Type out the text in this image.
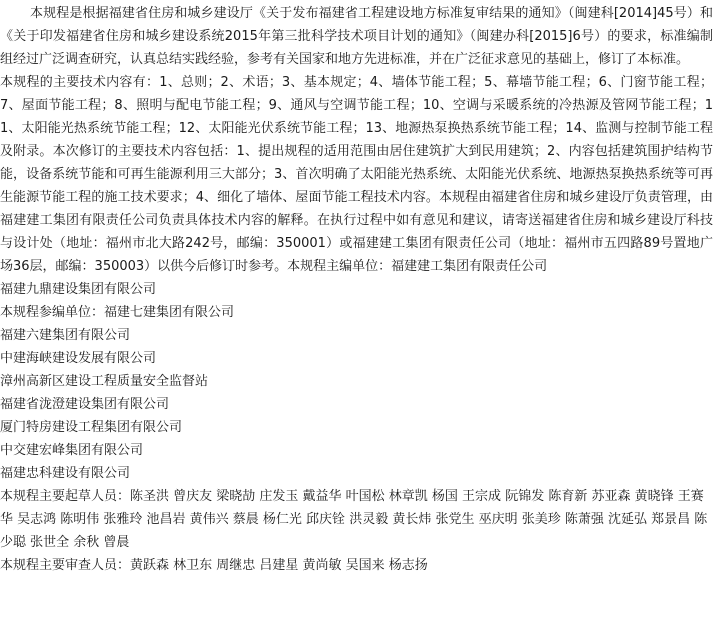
本规程是根据福建省住房和城乡建设厅《关于发布福建省工程建设地方标准复审结果的通知》（闽建科[2014]45号）和《关于印发福建省住房和城乡建设系统2015年第三批科学技术项目计划的通知》（闽建办科[2015]6号）的要求，标准编制组经过广泛调查研究，认真总结实践经验，参考有关国家和地方先进标准，并在广泛征求意见的基础上，修订了本标准。

本规程的主要技术内容有：1、总则；2、术语；3、基本规定；4、墙体节能工程；5、幕墙节能工程；6、门窗节能工程；7、屋面节能工程；8、照明与配电节能工程；9、通风与空调节能工程；10、空调与采暖系统的冷热源及管网节能工程；11、太阳能光热系统节能工程；12、太阳能光伏系统节能工程；13、地源热泵换热系统节能工程；14、监测与控制节能工程及附录。本次修订的主要技术内容包括：1、提出规程的适用范围由居住建筑扩大到民用建筑；2、内容包括建筑围护结构节能，设备系统节能和可再生能源利用三大部分；3、首次明确了太阳能光热系统、太阳能光伏系统、地源热泵换热系统等可再生能源节能工程的施工技术要求；4、细化了墙体、屋面节能工程技术内容。本规程由福建省住房和城乡建设厅负责管理，由福建建工集团有限责任公司负责具体技术内容的解释。在执行过程中如有意见和建议，请寄送福建省住房和城乡建设厅科技与设计处（地址：福州市北大路242号，邮编：350001）或福建建工集团有限责任公司（地址：福州市五四路89号置地广场36层，邮编：350003）以供今后修订时参考。本规程主编单位：福建建工集团有限责任公司

福建九鼎建设集团有限公司

本规程参编单位：福建七建集团有限公司

福建六建集团有限公司

中建海峡建设发展有限公司

漳州高新区建设工程质量安全监督站

福建省泷澄建设集团有限公司

厦门特房建设工程集团有限公司

中交建宏峰集团有限公司

福建忠科建设有限公司

本规程主要起草人员：陈圣洪 曾庆友 梁晓劼 庄发玉 戴益华 叶国松 林章凯 杨国 王宗成 阮锦发 陈育新 苏亚森 黄晓锋 王赛华 吴志鸿 陈明伟 张雅玲 池昌岩 黄伟兴 蔡晨 杨仁光 邱庆铨 洪灵毅 黄长炜 张党生 巫庆明 张美珍 陈萧强 沈延弘 郑景昌 陈少聪 张世全 余秋 曾晨

本规程主要审查人员：黄跃森 林卫东 周继忠 吕建星 黄尚敏 吴国来 杨志扬
